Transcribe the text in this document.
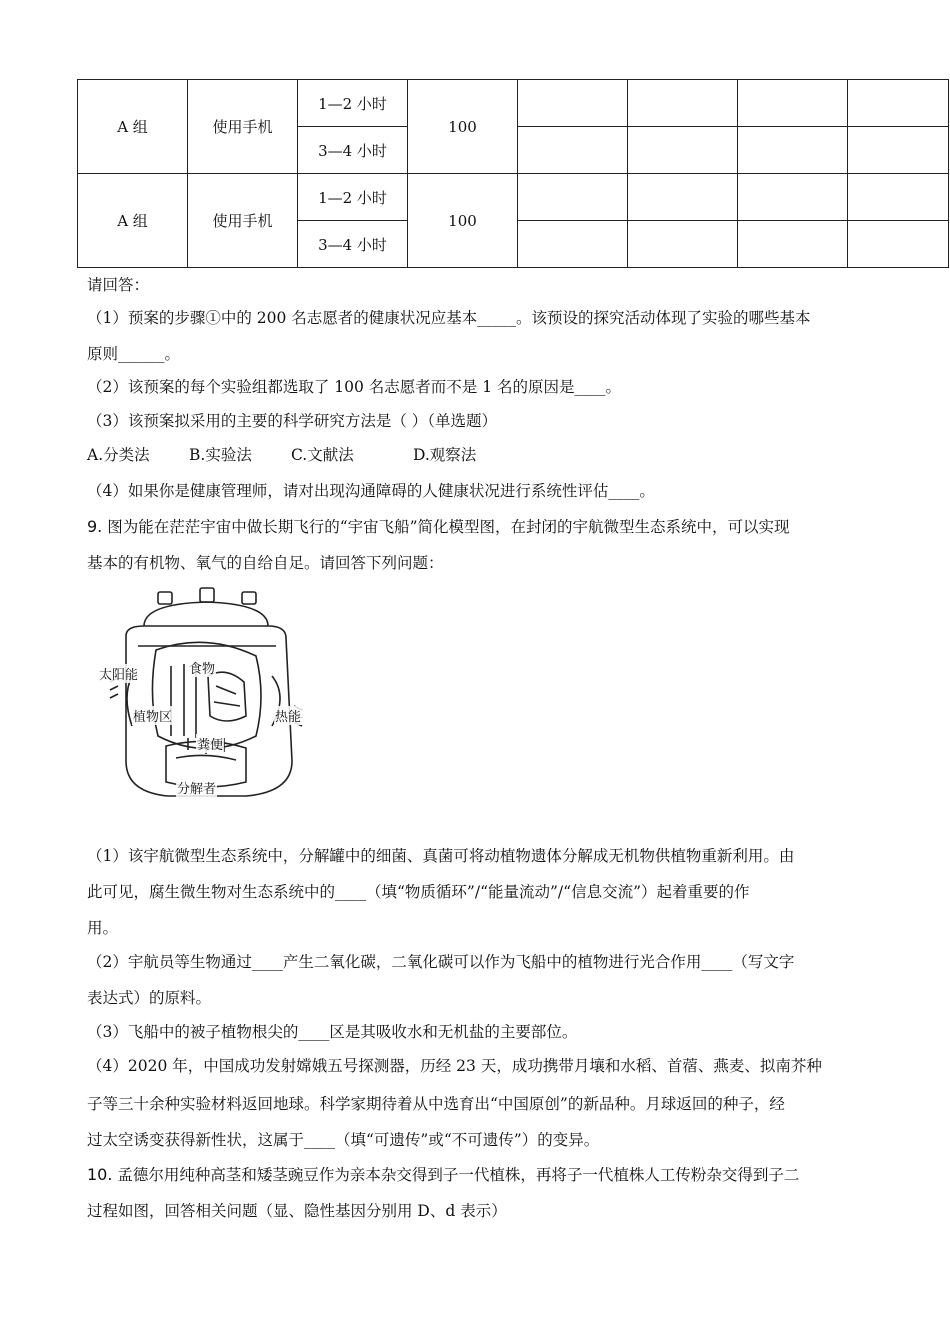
A 组	使用手机	1—2 小时	100				
		3—4 小时					
A 组	使用手机	1—2 小时	100				
		3—4 小时					
请回答：
（1）预案的步骤①中的 200 名志愿者的健康状况应基本_____。该预设的探究活动体现了实验的哪些基本
原则______。
（2）该预案的每个实验组都选取了 100 名志愿者而不是 1 名的原因是____。
（3）该预案拟采用的主要的科学研究方法是（ ）（单选题）
A.分类法	B.实验法	C.文献法	D.观察法
（4）如果你是健康管理师，请对出现沟通障碍的人健康状况进行系统性评估____。
9. 图为能在茫茫宇宙中做长期飞行的“宇宙飞船”简化模型图，在封闭的宇航微型生态系统中，可以实现
基本的有机物、氧气的自给自足。请回答下列问题：
太阳能	食物
植物区	热能
粪便
分解者
（1）该宇航微型生态系统中，分解罐中的细菌、真菌可将动植物遗体分解成无机物供植物重新利用。由
此可见，腐生微生物对生态系统中的____（填“物质循环”/“能量流动”/“信息交流”）起着重要的作
用。
（2）宇航员等生物通过____产生二氧化碳，二氧化碳可以作为飞船中的植物进行光合作用____（写文字
表达式）的原料。
（3）飞船中的被子植物根尖的____区是其吸收水和无机盐的主要部位。
（4）2020 年，中国成功发射嫦娥五号探测器，历经 23 天，成功携带月壤和水稻、首蓿、燕麦、拟南芥种
子等三十余种实验材料返回地球。科学家期待着从中选育出“中国原创”的新品种。月球返回的种子，经
过太空诱变获得新性状，这属于____（填“可遗传”或“不可遗传”）的变异。
10. 孟德尔用纯种高茎和矮茎豌豆作为亲本杂交得到子一代植株，再将子一代植株人工传粉杂交得到子二
过程如图，回答相关问题（显、隐性基因分别用 D、d 表示）
